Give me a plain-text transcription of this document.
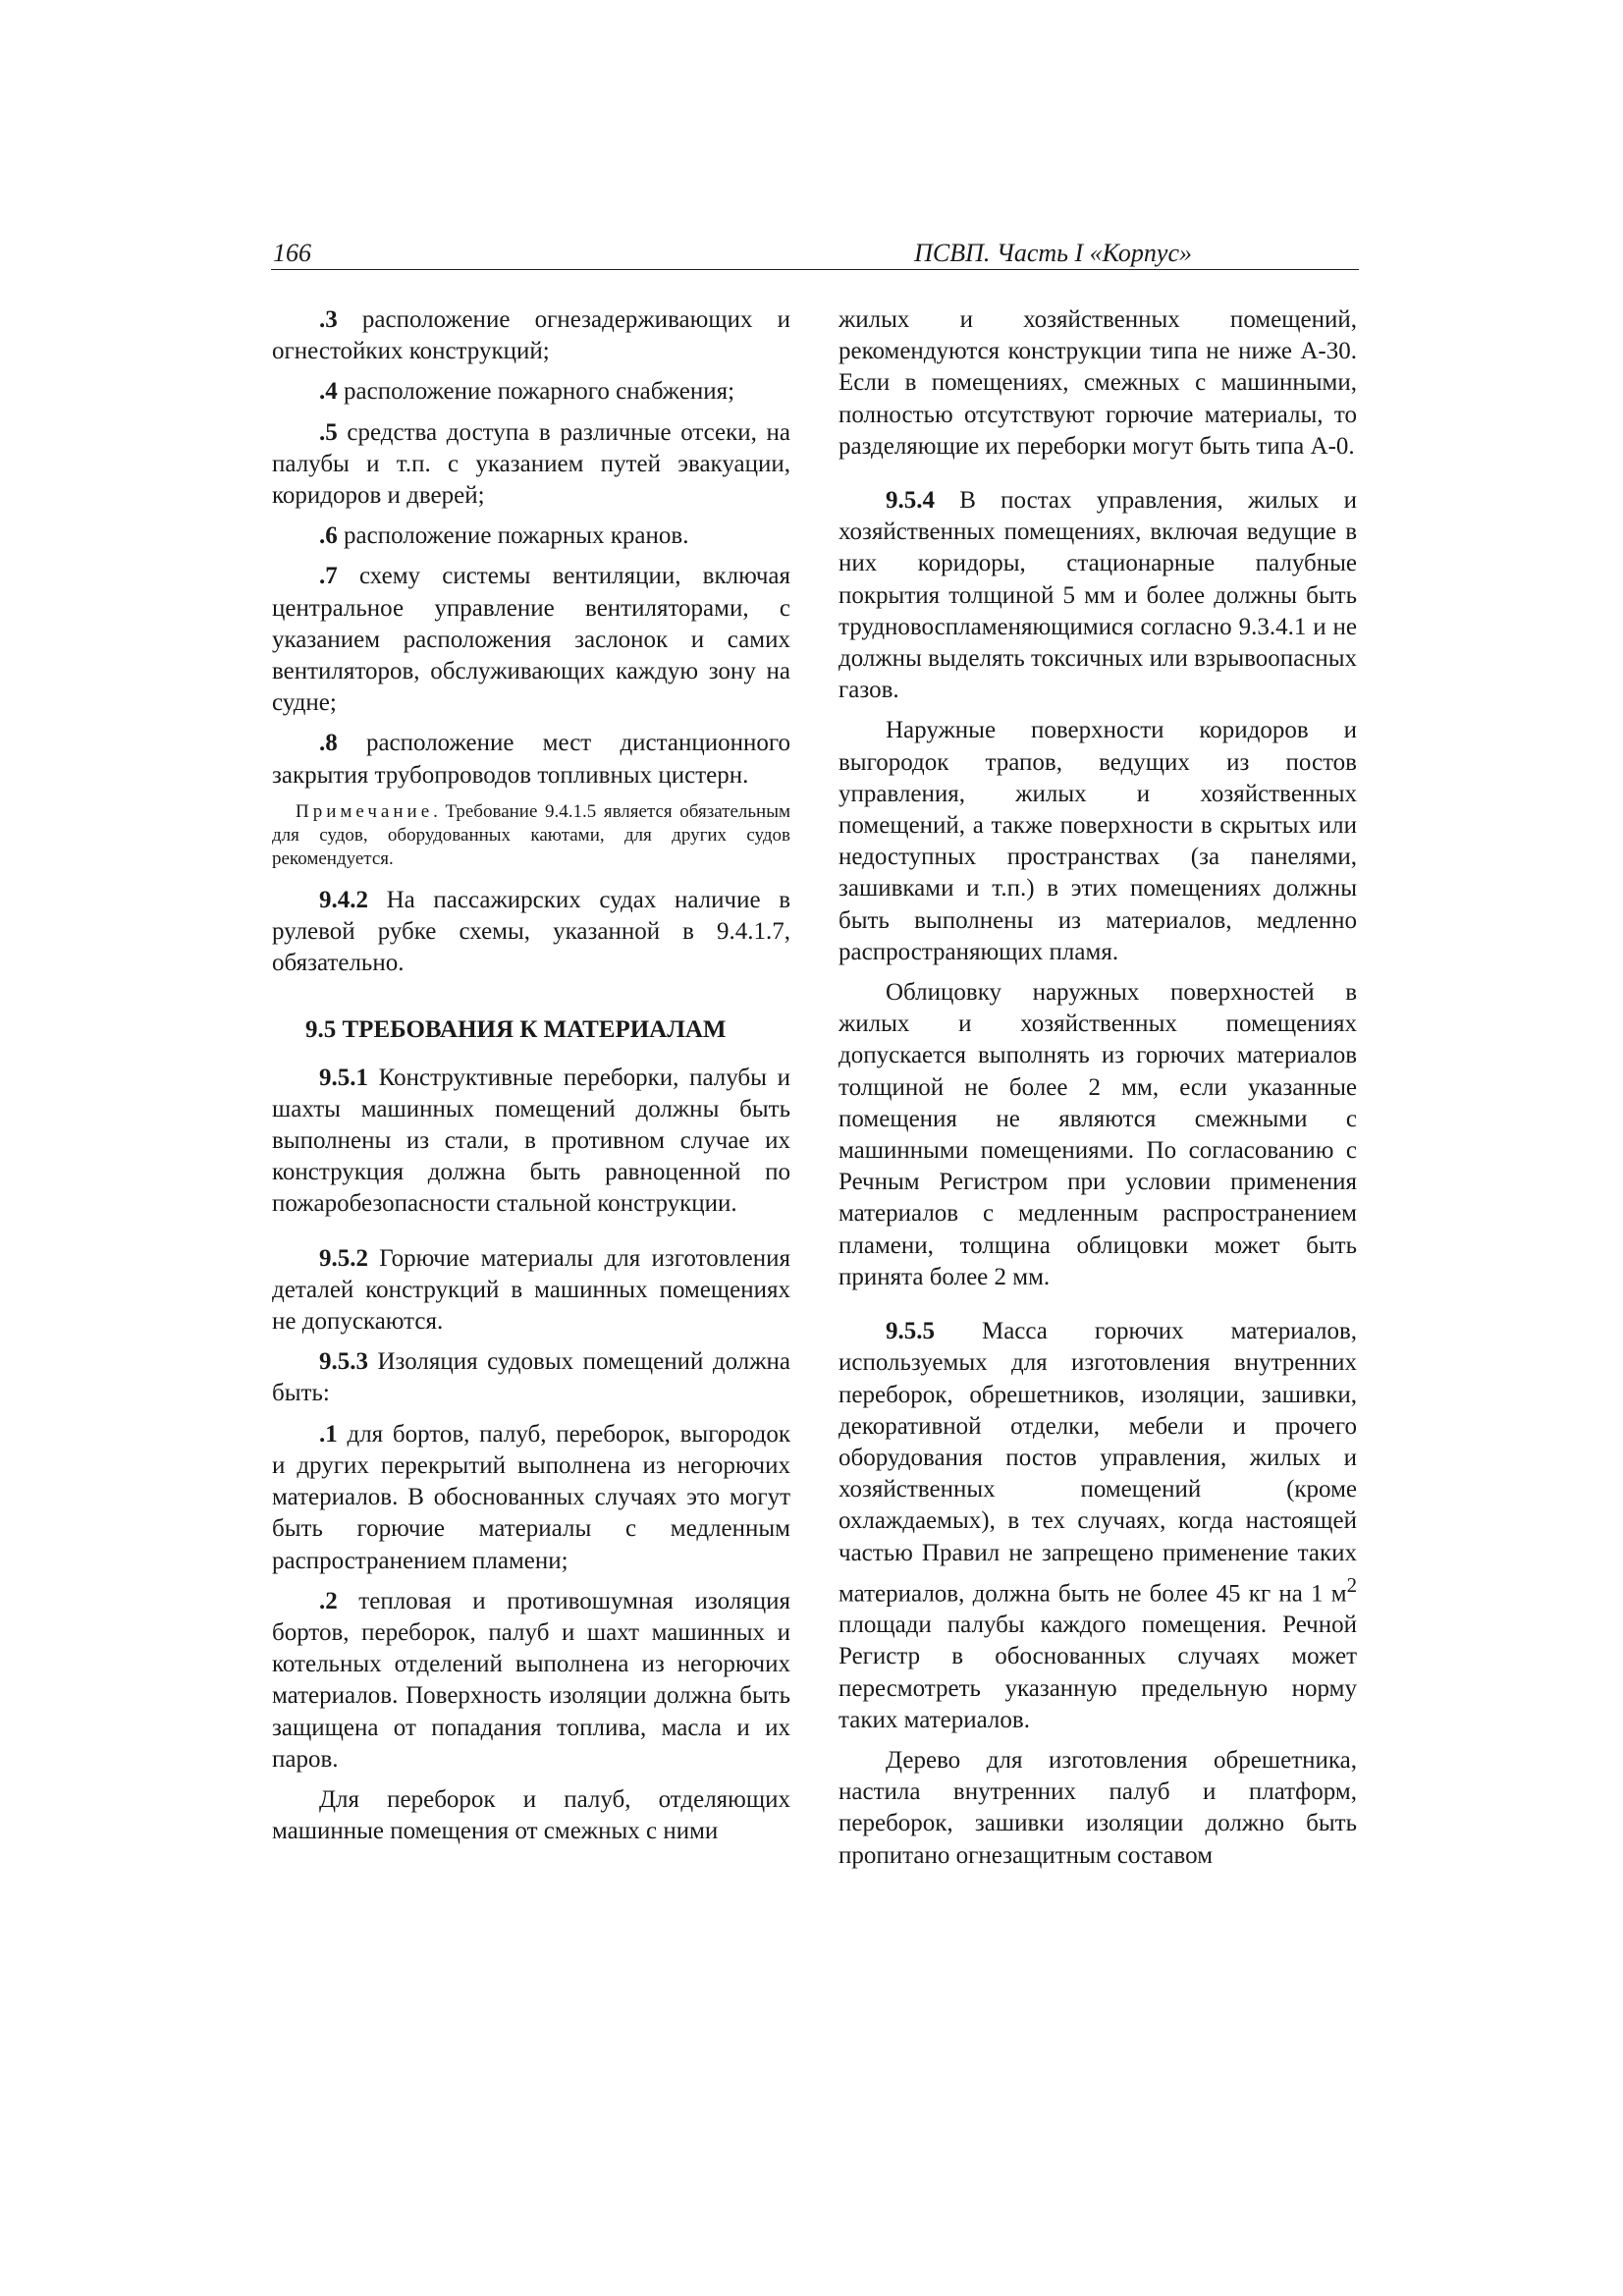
166	ПСВП. Часть I «Корпус»

.3 расположение огнезадерживающих и огнестойких конструкций;

.4 расположение пожарного снабжения;

.5 средства доступа в различные отсеки, на палубы и т.п. с указанием путей эвакуации, коридоров и дверей;

.6 расположение пожарных кранов.

.7 схему системы вентиляции, включая центральное управление вентиляторами, с указанием расположения заслонок и самих вентиляторов, обслуживающих каждую зону на судне;

.8 расположение мест дистанционного закрытия трубопроводов топливных цистерн.

Примечание. Требование 9.4.1.5 является обязательным для судов, оборудованных каютами, для других судов рекомендуется.

9.4.2 На пассажирских судах наличие в рулевой рубке схемы, указанной в 9.4.1.7, обязательно.

9.5 ТРЕБОВАНИЯ К МАТЕРИАЛАМ

9.5.1 Конструктивные переборки, палубы и шахты машинных помещений должны быть выполнены из стали, в противном случае их конструкция должна быть равноценной по пожаробезопасности стальной конструкции.

9.5.2 Горючие материалы для изготовления деталей конструкций в машинных помещениях не допускаются.

9.5.3 Изоляция судовых помещений должна быть:

.1 для бортов, палуб, переборок, выгородок и других перекрытий выполнена из негорючих материалов. В обоснованных случаях это могут быть горючие материалы с медленным распространением пламени;

.2 тепловая и противошумная изоляция бортов, переборок, палуб и шахт машинных и котельных отделений выполнена из негорючих материалов. Поверхность изоляции должна быть защищена от попадания топлива, масла и их паров.

Для переборок и палуб, отделяющих машинные помещения от смежных с ними

жилых и хозяйственных помещений, рекомендуются конструкции типа не ниже A-30. Если в помещениях, смежных с машинными, полностью отсутствуют горючие материалы, то разделяющие их переборки могут быть типа A-0.

9.5.4 В постах управления, жилых и хозяйственных помещениях, включая ведущие в них коридоры, стационарные палубные покрытия толщиной 5 мм и более должны быть трудновоспламеняющимися согласно 9.3.4.1 и не должны выделять токсичных или взрывоопасных газов.

Наружные поверхности коридоров и выгородок трапов, ведущих из постов управления, жилых и хозяйственных помещений, а также поверхности в скрытых или недоступных пространствах (за панелями, зашивками и т.п.) в этих помещениях должны быть выполнены из материалов, медленно распространяющих пламя.

Облицовку наружных поверхностей в жилых и хозяйственных помещениях допускается выполнять из горючих материалов толщиной не более 2 мм, если указанные помещения не являются смежными с машинными помещениями. По согласованию с Речным Регистром при условии применения материалов с медленным распространением пламени, толщина облицовки может быть принята более 2 мм.

9.5.5 Масса горючих материалов, используемых для изготовления внутренних переборок, обрешетников, изоляции, зашивки, декоративной отделки, мебели и прочего оборудования постов управления, жилых и хозяйственных помещений (кроме охлаждаемых), в тех случаях, когда настоящей частью Правил не запрещено применение таких материалов, должна быть не более 45 кг на 1 $м^2$ площади палубы каждого помещения. Речной Регистр в обоснованных случаях может пересмотреть указанную предельную норму таких материалов.

Дерево для изготовления обрешетника, настила внутренних палуб и платформ, переборок, зашивки изоляции должно быть пропитано огнезащитным составом
